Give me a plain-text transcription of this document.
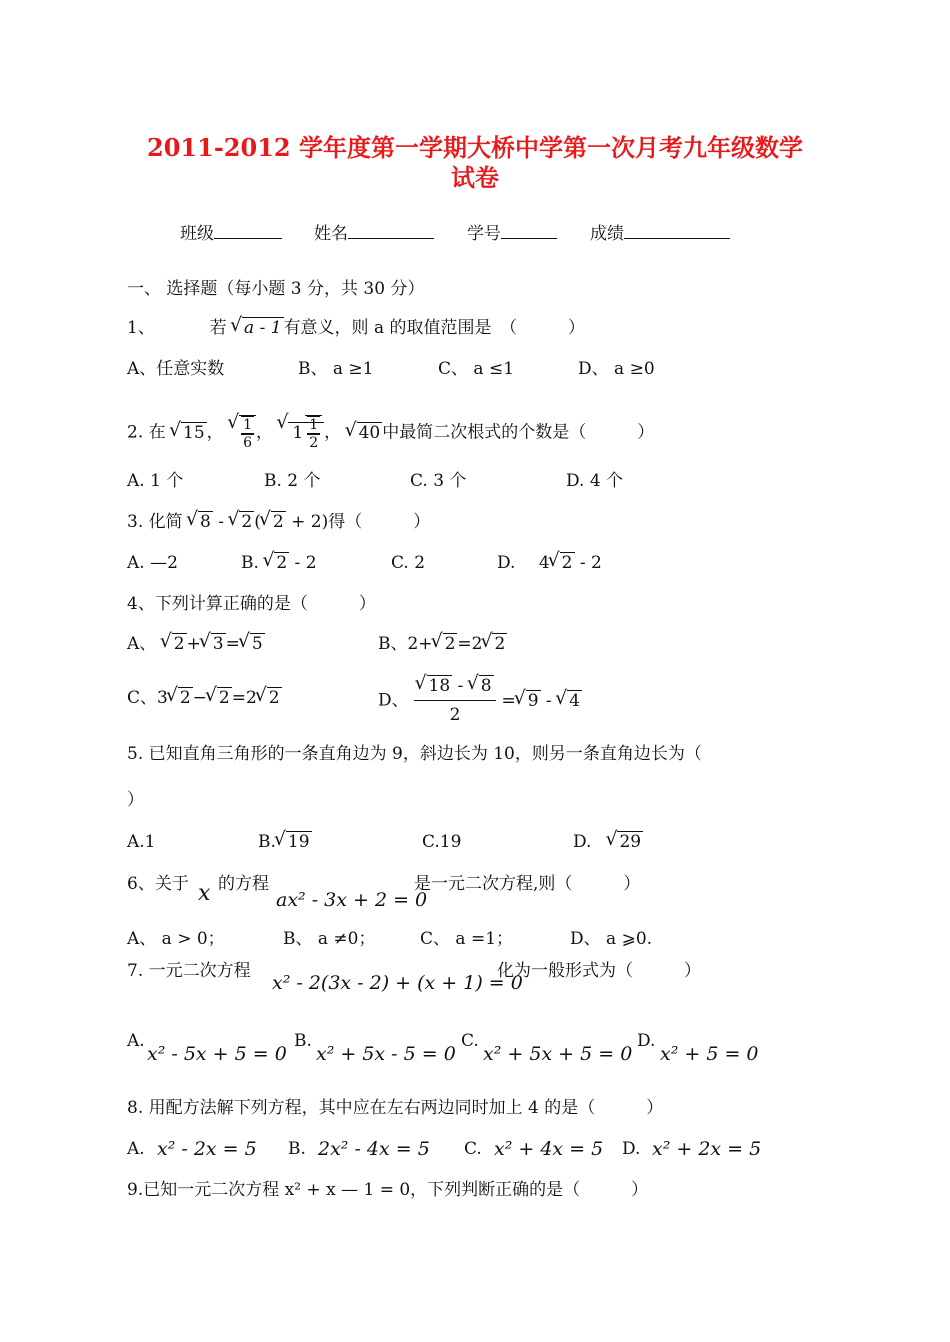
2011-2012 学年度第一学期大桥中学第一次月考九年级数学
试卷
班级	姓名	学号	成绩
一、 选择题（每小题 3 分，共 30 分）
1、	若 √ a - 1 有意义，则 a 的取值范围是　（　　　）
A、任意实数	B、 a ≥1	C、 a ≤1	D、 a ≥0
2. 在 √ 15 ， √ $\frac{1}{6}$ ， √ $1 \frac{1}{2}$ ， √ 40 中最简二次根式的个数是（　　　）
A. 1 个	B. 2 个	C. 3 个	D. 4 个
3. 化简 √ 8 - √ 2 ( √ 2 + 2)得（　　　）
A. —2	B. √ 2 - 2	C. 2	D. 4 √ 2 - 2
4、下列计算正确的是（　　　）
A、 √ 2 + √ 3 = √ 5	B、2+ √ 2 =2 √ 2
C、3 √ 2 − √ 2 =2 √ 2	D、 √ $\frac{18 - √ 8}{2}$ = √ 9 - √ 4
5. 已知直角三角形的一条直角边为 9，斜边长为 10，则另一条直角边长为（
）
A.1	B. √ 19	C.19	D. √ 29
6、关于 x 的方程
ax² - 3x + 2 = 0
是一元二次方程,则（　　　）
A、 a > 0；	B、 a ≠0；	C、 a =1；	D、 a ⩾0.
7. 一元二次方程
x² - 2(3x - 2) + (x + 1) = 0
化为一般形式为（　　　）
A.
x² - 5x + 5 = 0
B.
x² + 5x - 5 = 0
C.
x² + 5x + 5 = 0
D.
x² + 5 = 0
8. 用配方法解下列方程，其中应在左右两边同时加上 4 的是（　　　）
A. x² - 2x = 5 B. 2x² - 4x = 5 C. x² + 4x = 5 D. x² + 2x = 5
9.已知一元二次方程 x² + x — 1 = 0，下列判断正确的是（　　　）
